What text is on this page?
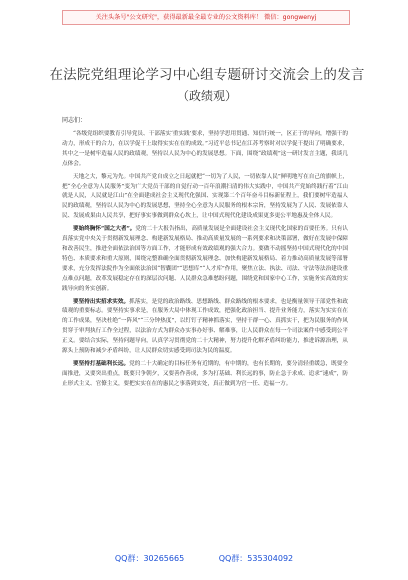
关注头条号"公文研究"，获得最新最全最专业的公文资料库！ 微信：gongwenyj
在法院党组理论学习中心组专题研讨交流会上的发言
（政绩观）
同志们：

“各级党组织要教育引导党员、干部落实‘重实践’要求，坚持学思用贯通、知信行统一，区正于的导向，增强干的动力，形成干的合力，在以学促干上取得实实在在的成效。”习近平总书记在江苏考察时对以学促干提出了明确要求，其中之一是树牢造福人民的政绩观，坚持以人民为中心的发展思想。下面，围绕“政绩观”这一研讨发言主题，我谈几点体会。

天地之大，黎元为先。中国共产党自成立之日起就把“一切为了人民，一切依靠人民”鲜明地写在自己的旗帜上，把“全心全意为人民服务”变为广大党员干部的自觉行动一百年浪潮扫清的伟大实践中，中国共产党始终践行着“江山就是人民，人民就是江山”在全面建成社会主义现代化强国、实现第二个百年奋斗目标新征程上，我们要树牢造福人民的政绩观，坚持以人民为中心的发展思想，坚持全心全意为人民服务的根本宗旨，坚持发展为了人民、发展依靠人民、发展成果由人民共享，把好事实事做到群众心坎上，让中国式现代化建设成果更多更公平地惠及全体人民。

要始终胸怀“国之大者”。党的二十大报告指出，高质量发展是全面建设社会主义现代化国家的首要任务。只有认真落实党中央关于贯彻新发展理念、构建新发展格局、推动高质量发展的一系列要求和决策部署，做好在发展中保障和改善民生，推进全面依法治国等方面工作，才能形成有效政绩观的强大合力。要做不动摇坚持中国式现代化的中国特色、本质要求和重大原则，围绕完整准确全面贯彻新发展理念、加快构建新发展格局、着力推动高质量发展等部署要求，充分发挥法院作为全面依法治国“智囊团”“思想库”“人才库”作用，聚焦立法、执法、司法、守法等法治建设重点难点问题，改革发展稳定存在的深层次问题、人民群众急难愁盼问题，围绕党和国家中心工作，实施务实高效的实践导向的务实创新。

要坚持出实招求实效。抓落实，是党的政治路线、思想路线、群众路线的根本要求，也是衡量领导干部党性和政绩观的重要标志。要坚持实事求是，在服务大局中体现工作成效，把强化政治担当、提升业务能力，落实为实实在在的工作成果，坚决杜绝“一阵风”“三分钟热度”，以钉钉子精神抓落实，坚持干群一心、真抓实干，把为民服务的作风贯穿于审判执行工作全过程，以法治方式为群众办实事办好事、解难事，让人民群众在每一个司法案件中感受到公平正义。要结合实际，坚持问题导向，认真学习贯彻党的二十大精神，努力提升化解矛盾纠纷能力，推进诉源治理，从源头上预防和减少矛盾纠纷，让人民群众切实感受到司法为民的温度。

要坚持打基础利长远。党的二十大确定的目标任务有近期的，有中期的，也有长期的，要分清轻重缓急，既要全面推进，又要突出重点，既要只争朝夕，又要善作善成，多为打基础、利长远的事，防止急于求成、追求“速成”，防止形式主义、官僚主义，要把实实在在的惠民之事落到实处，真正做到为官一任、造福一方。

QQ群：30265665	QQ群：535304092
